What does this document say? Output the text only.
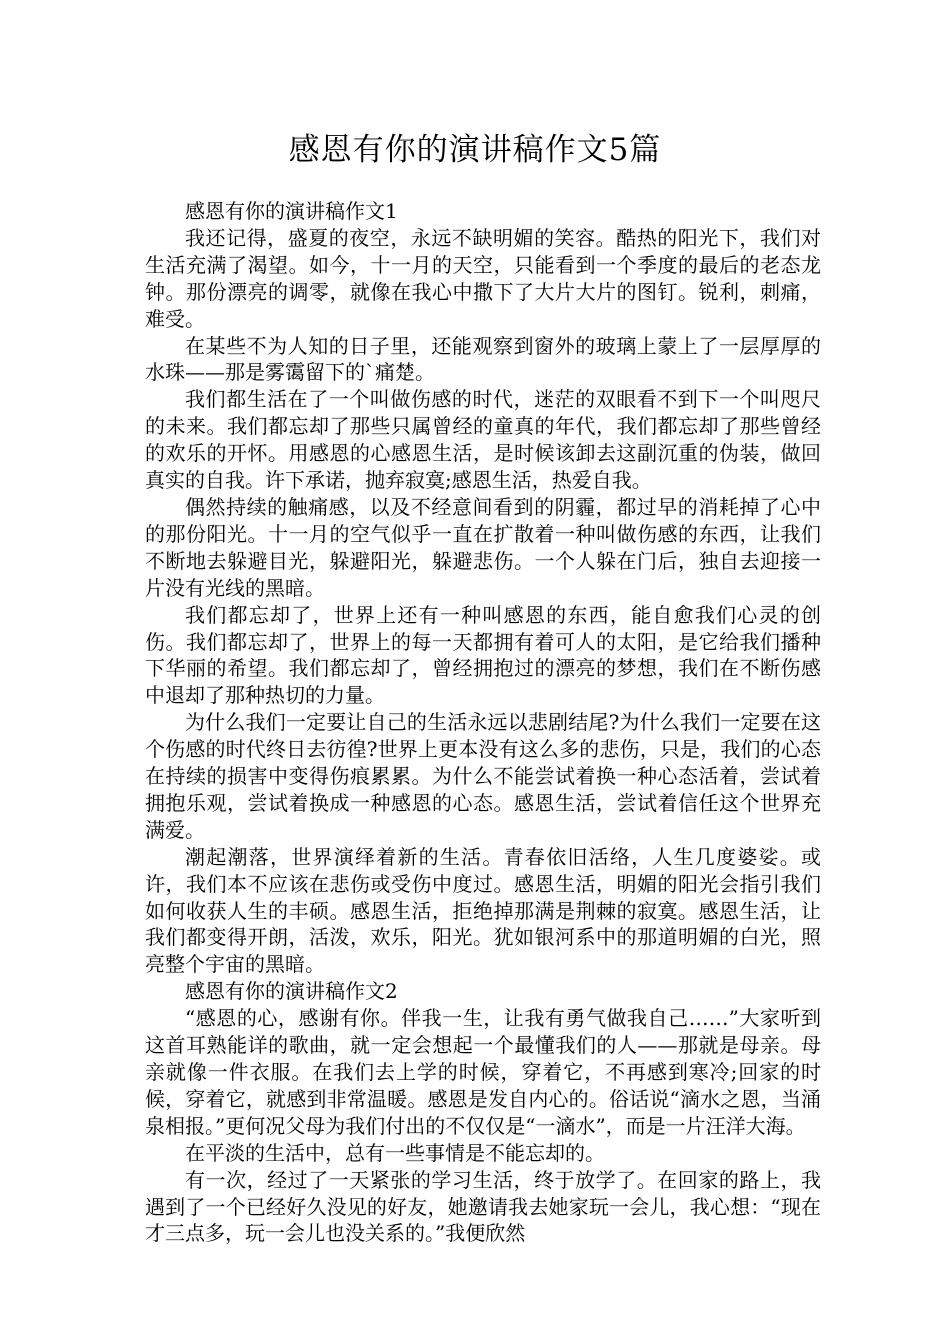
感恩有你的演讲稿作文5篇

感恩有你的演讲稿作文1

我还记得，盛夏的夜空，永远不缺明媚的笑容。酷热的阳光下，我们对生活充满了渴望。如今，十一月的天空，只能看到一个季度的最后的老态龙钟。那份漂亮的调零，就像在我心中撒下了大片大片的图钉。锐利，刺痛，难受。

在某些不为人知的日子里，还能观察到窗外的玻璃上蒙上了一层厚厚的水珠——那是雾霭留下的`痛楚。

我们都生活在了一个叫做伤感的时代，迷茫的双眼看不到下一个叫咫尺的未来。我们都忘却了那些只属曾经的童真的年代，我们都忘却了那些曾经的欢乐的开怀。用感恩的心感恩生活，是时候该卸去这副沉重的伪装，做回真实的自我。许下承诺，抛弃寂寞;感恩生活，热爱自我。

偶然持续的触痛感，以及不经意间看到的阴霾，都过早的消耗掉了心中的那份阳光。十一月的空气似乎一直在扩散着一种叫做伤感的东西，让我们不断地去躲避目光，躲避阳光，躲避悲伤。一个人躲在门后，独自去迎接一片没有光线的黑暗。

我们都忘却了，世界上还有一种叫感恩的东西，能自愈我们心灵的创伤。我们都忘却了，世界上的每一天都拥有着可人的太阳，是它给我们播种下华丽的希望。我们都忘却了，曾经拥抱过的漂亮的梦想，我们在不断伤感中退却了那种热切的力量。

为什么我们一定要让自己的生活永远以悲剧结尾?为什么我们一定要在这个伤感的时代终日去彷徨?世界上更本没有这么多的悲伤，只是，我们的心态在持续的损害中变得伤痕累累。为什么不能尝试着换一种心态活着，尝试着拥抱乐观，尝试着换成一种感恩的心态。感恩生活，尝试着信任这个世界充满爱。

潮起潮落，世界演绎着新的生活。青春依旧活络，人生几度婆娑。或许，我们本不应该在悲伤或受伤中度过。感恩生活，明媚的阳光会指引我们如何收获人生的丰硕。感恩生活，拒绝掉那满是荆棘的寂寞。感恩生活，让我们都变得开朗，活泼，欢乐，阳光。犹如银河系中的那道明媚的白光，照亮整个宇宙的黑暗。

感恩有你的演讲稿作文2

“感恩的心，感谢有你。伴我一生，让我有勇气做我自己……”大家听到这首耳熟能详的歌曲，就一定会想起一个最懂我们的人——那就是母亲。母亲就像一件衣服。在我们去上学的时候，穿着它，不再感到寒冷;回家的时候，穿着它，就感到非常温暖。感恩是发自内心的。俗话说“滴水之恩，当涌泉相报。”更何况父母为我们付出的不仅仅是“一滴水”，而是一片汪洋大海。

在平淡的生活中，总有一些事情是不能忘却的。

有一次，经过了一天紧张的学习生活，终于放学了。在回家的路上，我遇到了一个已经好久没见的好友，她邀请我去她家玩一会儿，我心想：“现在才三点多，玩一会儿也没关系的。”我便欣然
